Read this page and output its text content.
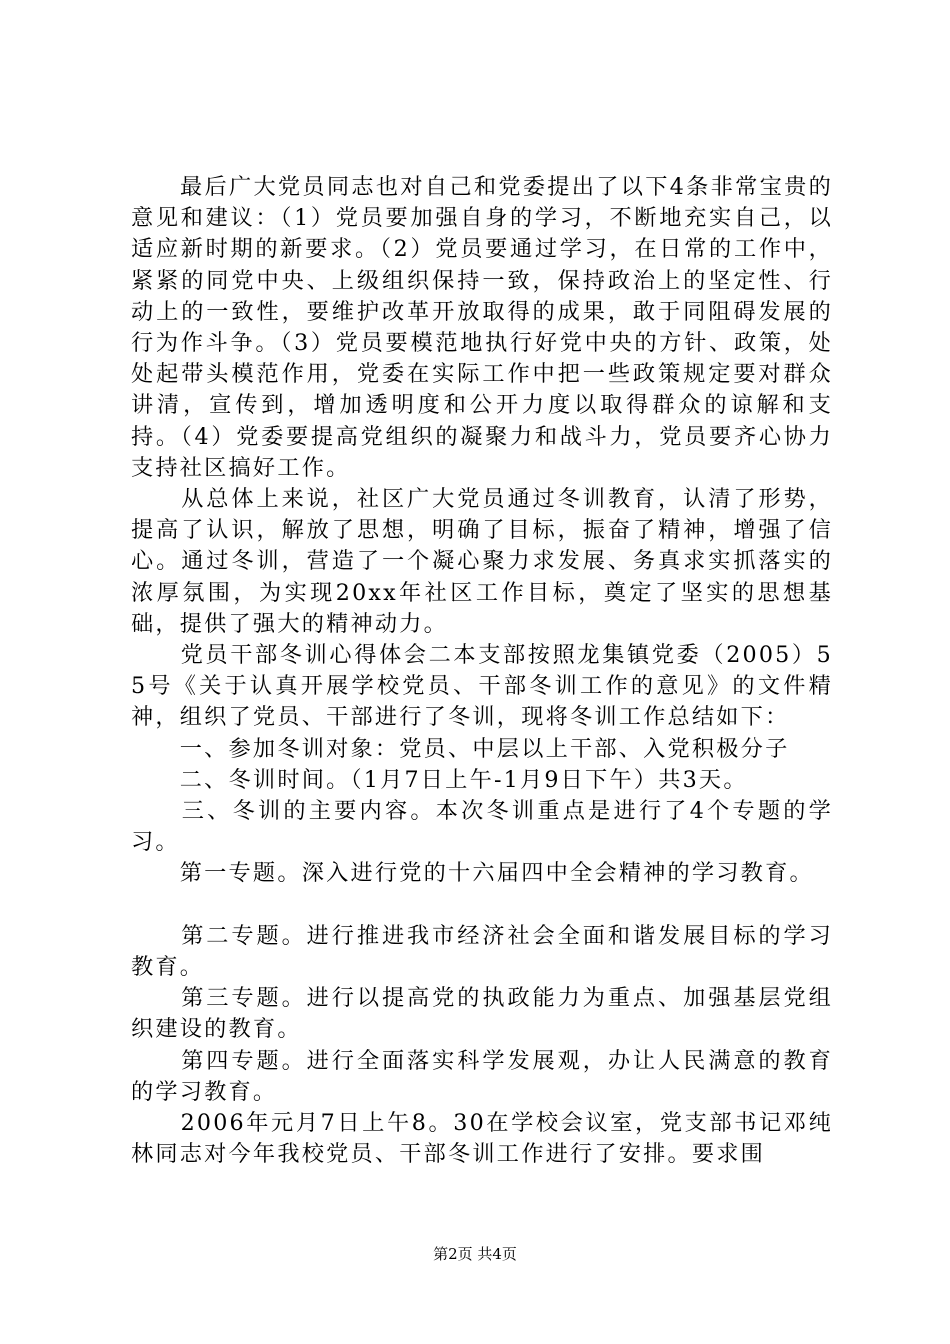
　　最后广大党员同志也对自己和党委提出了以下4条非常宝贵的意见和建议：（1）党员要加强自身的学习，不断地充实自己，以适应新时期的新要求。（2）党员要通过学习，在日常的工作中，紧紧的同党中央、上级组织保持一致，保持政治上的坚定性、行动上的一致性，要维护改革开放取得的成果，敢于同阻碍发展的行为作斗争。（3）党员要模范地执行好党中央的方针、政策，处处起带头模范作用，党委在实际工作中把一些政策规定要对群众讲清，宣传到，增加透明度和公开力度以取得群众的谅解和支持。（4）党委要提高党组织的凝聚力和战斗力，党员要齐心协力支持社区搞好工作。

　　从总体上来说，社区广大党员通过冬训教育，认清了形势，提高了认识，解放了思想，明确了目标，振奋了精神，增强了信心。通过冬训，营造了一个凝心聚力求发展、务真求实抓落实的浓厚氛围，为实现20xx年社区工作目标，奠定了坚实的思想基础，提供了强大的精神动力。

　　党员干部冬训心得体会二本支部按照龙集镇党委（2005）55号《关于认真开展学校党员、干部冬训工作的意见》的文件精神，组织了党员、干部进行了冬训，现将冬训工作总结如下：

　　一、参加冬训对象：党员、中层以上干部、入党积极分子

　　二、冬训时间。（1月7日上午-1月9日下午）共3天。

　　三、冬训的主要内容。本次冬训重点是进行了4个专题的学习。

　　第一专题。深入进行党的十六届四中全会精神的学习教育。

　　第二专题。进行推进我市经济社会全面和谐发展目标的学习教育。

　　第三专题。进行以提高党的执政能力为重点、加强基层党组织建设的教育。

　　第四专题。进行全面落实科学发展观，办让人民满意的教育的学习教育。

　　2006年元月7日上午8。30在学校会议室，党支部书记邓纯林同志对今年我校党员、干部冬训工作进行了安排。要求围

第2页 共4页
